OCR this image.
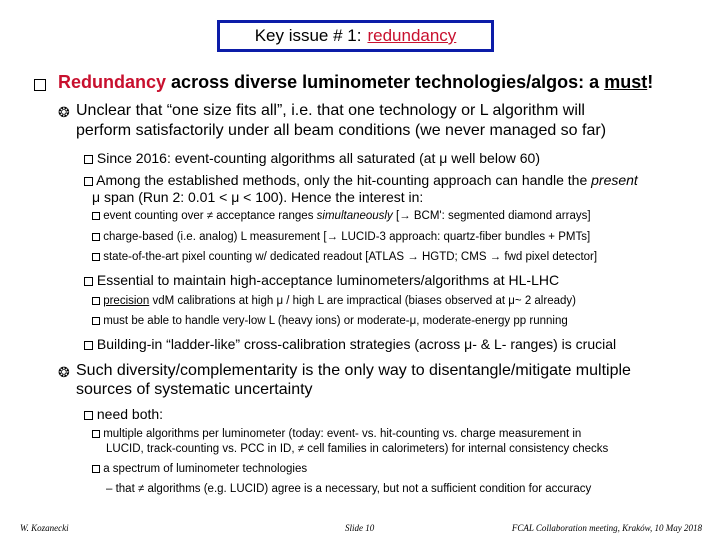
Key issue # 1: redundancy
Redundancy across diverse luminometer technologies/algos: a must!
❂ Unclear that “one size fits all”, i.e. that one technology or L algorithm will
perform satisfactorily under all beam conditions (we never managed so far)
Since 2016: event-counting algorithms all saturated (at μ well below 60)
Among the established methods, only the hit-counting approach can handle the present
μ span (Run 2: 0.01 < μ < 100). Hence the interest in:
event counting over ≠ acceptance ranges simultaneously [→ BCM': segmented diamond arrays]
charge-based (i.e. analog) L measurement [→ LUCID-3 approach: quartz-fiber bundles + PMTs]
state-of-the-art pixel counting w/ dedicated readout [ATLAS → HGTD; CMS → fwd pixel detector]
Essential to maintain high-acceptance luminometers/algorithms at HL-LHC
precision vdM calibrations at high μ / high L are impractical (biases observed at μ~ 2 already)
must be able to handle very-low L (heavy ions) or moderate-μ, moderate-energy pp running
Building-in “ladder-like” cross-calibration strategies (across μ- & L- ranges) is crucial
❂ Such diversity/complementarity is the only way to disentangle/mitigate multiple
sources of systematic uncertainty
need both:
multiple algorithms per luminometer (today: event- vs. hit-counting vs. charge measurement in
LUCID, track-counting vs. PCC in ID, ≠ cell families in calorimeters) for internal consistency checks
a spectrum of luminometer technologies
– that ≠ algorithms (e.g. LUCID) agree is a necessary, but not a sufficient condition for accuracy
W. Kozanecki	Slide 10	FCAL Collaboration meeting, Kraków, 10 May 2018
